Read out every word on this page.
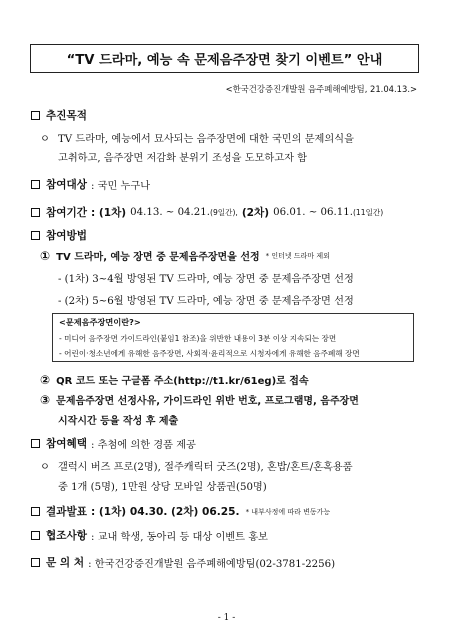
“TV 드라마, 예능 속 문제음주장면 찾기 이벤트” 안내
<한국건강증진개발원 음주폐해예방팀, 21.04.13.>
추진목적
ㅇ TV 드라마, 예능에서 묘사되는 음주장면에 대한 국민의 문제의식을
고취하고, 음주장면 저감화 분위기 조성을 도모하고자 함
참여대상 : 국민 누구나
참여기간 : (1차) 04.13. ~ 04.21. (9일간), (2차) 06.01. ~ 06.11. (11일간)
참여방법
① TV 드라마, 예능 장면 중 문제음주장면을 선정 * 인터넷 드라마 제외
- (1차) 3~4월 방영된 TV 드라마, 예능 장면 중 문제음주장면 선정
- (2차) 5~6월 방영된 TV 드라마, 예능 장면 중 문제음주장면 선정
<문제음주장면이란?>
- 미디어 음주장면 가이드라인(붙임1 참조)을 위반한 내용이 3분 이상 지속되는 장면
- 어린이·청소년에게 유해한 음주장면, 사회적·윤리적으로 시청자에게 유해한 음주폐해 장면
② QR 코드 또는 구글폼 주소(http://t1.kr/61eg)로 접속
③ 문제음주장면 선정사유, 가이드라인 위반 번호, 프로그램명, 음주장면
시작시간 등을 작성 후 제출
참여혜택 : 추첨에 의한 경품 제공
ㅇ 갤럭시 버즈 프로(2명), 절주캐릭터 굿즈(2명), 혼밥/혼트/혼혹용품
중 1개 (5명), 1만원 상당 모바일 상품권(50명)
결과발표 : (1차) 04.30. (2차) 06.25. * 내부사정에 따라 변동가능
협조사항 : 교내 학생, 동아리 등 대상 이벤트 홍보
문 의 처 : 한국건강증진개발원 음주폐해예방팀(02-3781-2256)
- 1 -
